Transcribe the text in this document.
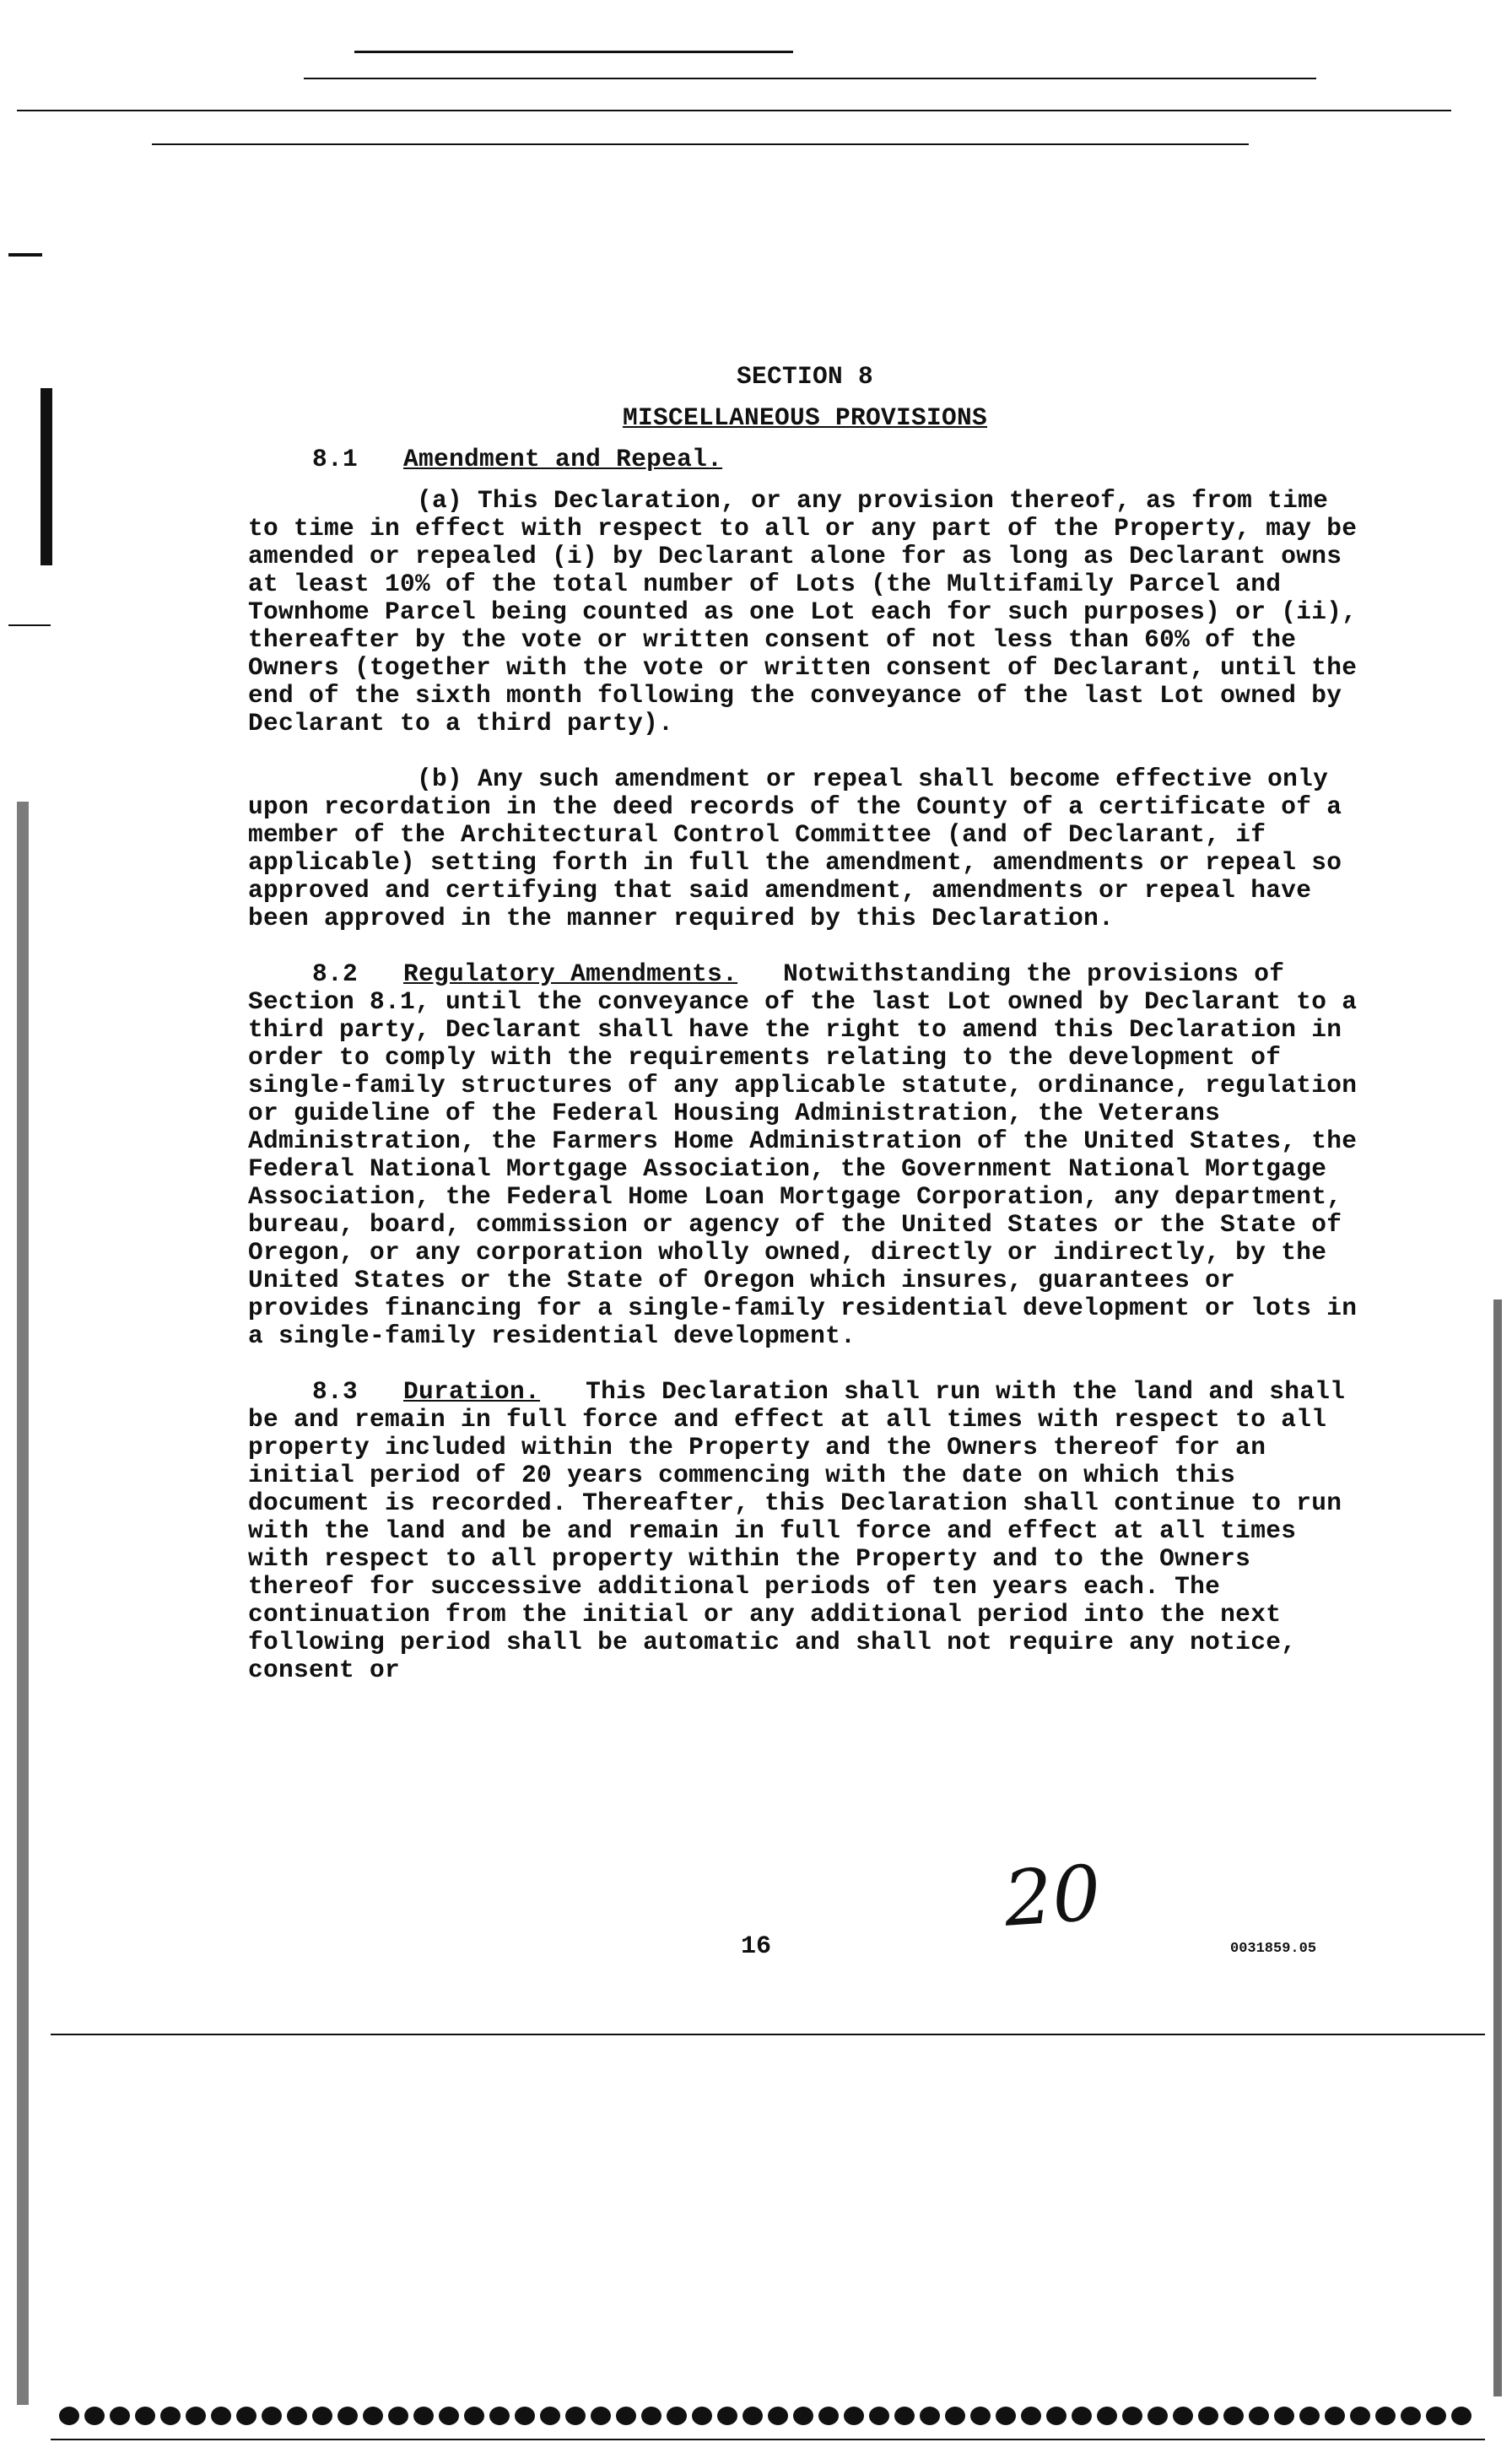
SECTION 8

MISCELLANEOUS PROVISIONS

8.1 Amendment and Repeal.

(a) This Declaration, or any provision thereof, as from time to time in effect with respect to all or any part of the Property, may be amended or repealed (i) by Declarant alone for as long as Declarant owns at least 10% of the total number of Lots (the Multifamily Parcel and Townhome Parcel being counted as one Lot each for such purposes) or (ii), thereafter by the vote or written consent of not less than 60% of the Owners (together with the vote or written consent of Declarant, until the end of the sixth month following the conveyance of the last Lot owned by Declarant to a third party).

(b) Any such amendment or repeal shall become effective only upon recordation in the deed records of the County of a certificate of a member of the Architectural Control Committee (and of Declarant, if applicable) setting forth in full the amendment, amendments or repeal so approved and certifying that said amendment, amendments or repeal have been approved in the manner required by this Declaration.

8.2 Regulatory Amendments. Notwithstanding the provisions of Section 8.1, until the conveyance of the last Lot owned by Declarant to a third party, Declarant shall have the right to amend this Declaration in order to comply with the requirements relating to the development of single-family structures of any applicable statute, ordinance, regulation or guideline of the Federal Housing Administration, the Veterans Administration, the Farmers Home Administration of the United States, the Federal National Mortgage Association, the Government National Mortgage Association, the Federal Home Loan Mortgage Corporation, any department, bureau, board, commission or agency of the United States or the State of Oregon, or any corporation wholly owned, directly or indirectly, by the United States or the State of Oregon which insures, guarantees or provides financing for a single-family residential development or lots in a single-family residential development.

8.3 Duration. This Declaration shall run with the land and shall be and remain in full force and effect at all times with respect to all property included within the Property and the Owners thereof for an initial period of 20 years commencing with the date on which this document is recorded. Thereafter, this Declaration shall continue to run with the land and be and remain in full force and effect at all times with respect to all property within the Property and to the Owners thereof for successive additional periods of ten years each. The continuation from the initial or any additional period into the next following period shall be automatic and shall not require any notice, consent or

20
16	0031859.05
